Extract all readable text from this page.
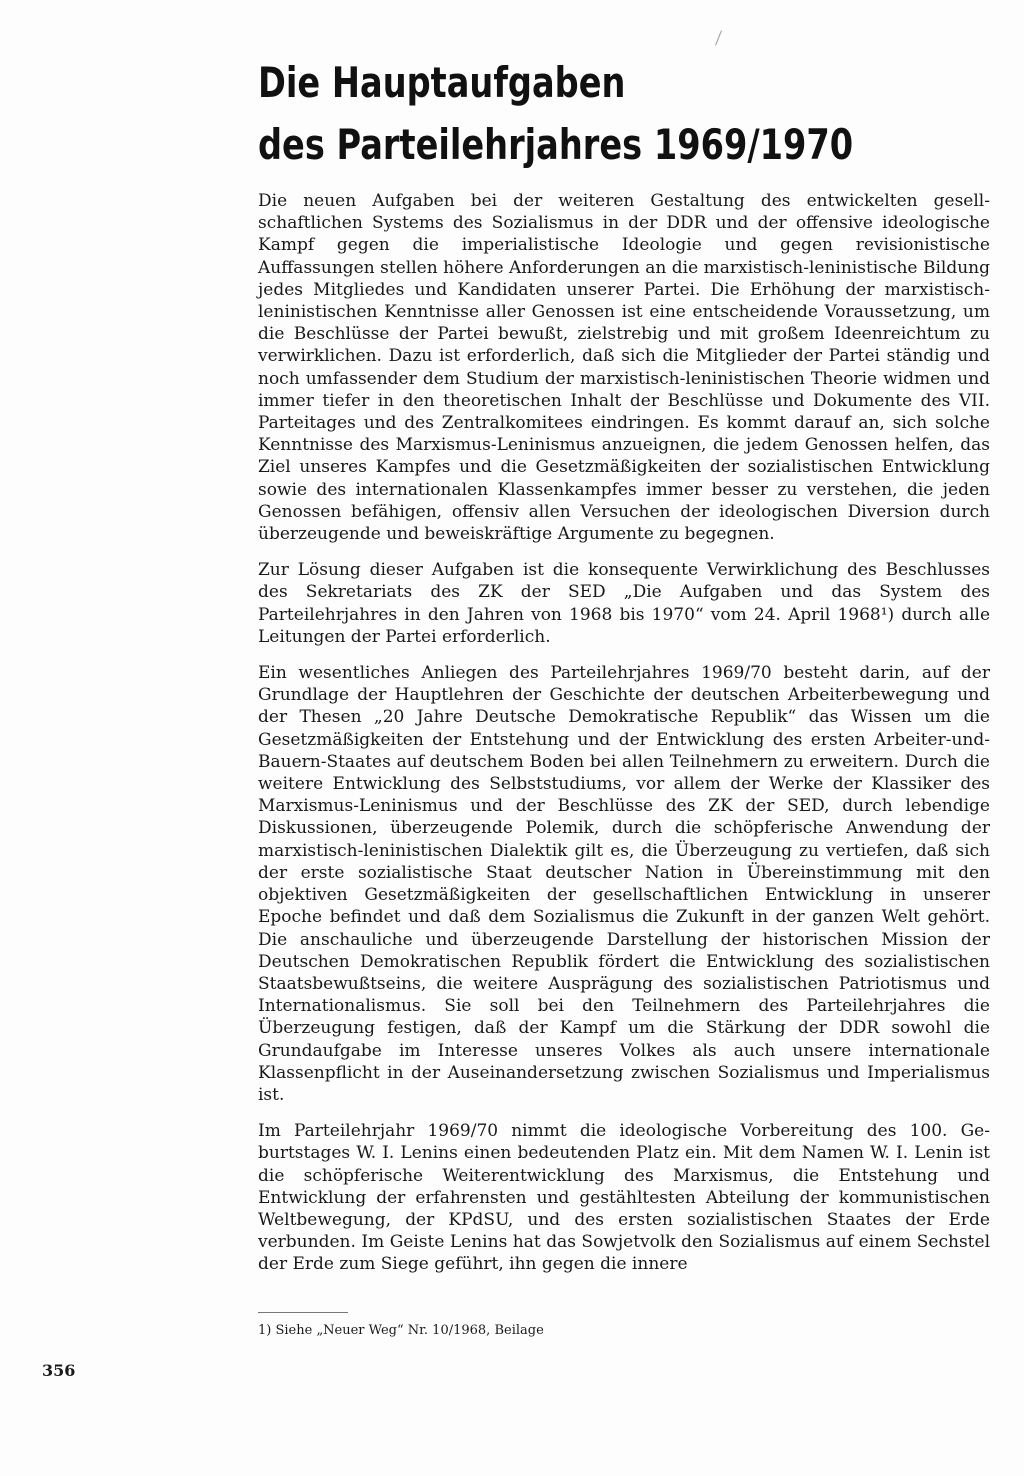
Die Hauptaufgaben
des Parteilehrjahres 1969/1970

Die neuen Aufgaben bei der weiteren Gestaltung des entwickelten gesellschaftlichen Systems des Sozialismus in der DDR und der offensive ideologische Kampf gegen die imperialistische Ideologie und gegen revisionistische Auffassungen stellen höhere Anforderungen an die marxistisch-leninistische Bildung jedes Mitgliedes und Kandidaten unserer Partei. Die Erhöhung der marxistisch-leninistischen Kenntnisse aller Genossen ist eine entscheidende Voraussetzung, um die Beschlüsse der Partei bewußt, zielstrebig und mit großem Ideenreichtum zu verwirklichen. Dazu ist erforderlich, daß sich die Mitglieder der Partei ständig und noch umfassender dem Studium der marxistisch-leninistischen Theorie widmen und immer tiefer in den theoretischen Inhalt der Beschlüsse und Dokumente des VII. Parteitages und des Zentralkomitees eindringen. Es kommt darauf an, sich solche Kenntnisse des Marxismus-Leninismus anzueignen, die jedem Genossen helfen, das Ziel unseres Kampfes und die Gesetzmäßigkeiten der sozialistischen Entwicklung sowie des internationalen Klassenkampfes immer besser zu verstehen, die jeden Genossen befähigen, offensiv allen Versuchen der ideologischen Diversion durch überzeugende und beweiskräftige Argumente zu begegnen.

Zur Lösung dieser Aufgaben ist die konsequente Verwirklichung des Beschlusses des Sekretariats des ZK der SED „Die Aufgaben und das System des Parteilehrjahres in den Jahren von 1968 bis 1970“ vom 24. April 1968¹) durch alle Leitungen der Partei erforderlich.

Ein wesentliches Anliegen des Parteilehrjahres 1969/70 besteht darin, auf der Grundlage der Hauptlehren der Geschichte der deutschen Arbeiterbewegung und der Thesen „20 Jahre Deutsche Demokratische Republik“ das Wissen um die Gesetzmäßigkeiten der Entstehung und der Entwicklung des ersten Arbeiter-und-Bauern-Staates auf deutschem Boden bei allen Teilnehmern zu erweitern. Durch die weitere Entwicklung des Selbststudiums, vor allem der Werke der Klassiker des Marxismus-Leninismus und der Beschlüsse des ZK der SED, durch lebendige Diskussionen, überzeugende Polemik, durch die schöpferische Anwendung der marxistisch-leninistischen Dialektik gilt es, die Überzeugung zu vertiefen, daß sich der erste sozialistische Staat deutscher Nation in Übereinstimmung mit den objektiven Gesetzmäßigkeiten der gesellschaftlichen Entwicklung in unserer Epoche befindet und daß dem Sozialismus die Zukunft in der ganzen Welt gehört. Die anschauliche und überzeugende Darstellung der historischen Mission der Deutschen Demokratischen Republik fördert die Entwicklung des sozialistischen Staatsbewußtseins, die weitere Ausprägung des sozialistischen Patriotismus und Internationalismus. Sie soll bei den Teilnehmern des Parteilehrjahres die Überzeugung festigen, daß der Kampf um die Stärkung der DDR sowohl die Grundaufgabe im Interesse unseres Volkes als auch unsere internationale Klassenpflicht in der Auseinandersetzung zwischen Sozialismus und Imperialismus ist.

Im Parteilehrjahr 1969/70 nimmt die ideologische Vorbereitung des 100. Geburtstages W. I. Lenins einen bedeutenden Platz ein. Mit dem Namen W. I. Lenin ist die schöpferische Weiterentwicklung des Marxismus, die Entstehung und Entwicklung der erfahrensten und gestähltesten Abteilung der kommunistischen Weltbewegung, der KPdSU, und des ersten sozialistischen Staates der Erde verbunden. Im Geiste Lenins hat das Sowjetvolk den Sozialismus auf einem Sechstel der Erde zum Siege geführt, ihn gegen die innere

1) Siehe „Neuer Weg“ Nr. 10/1968, Beilage
356
